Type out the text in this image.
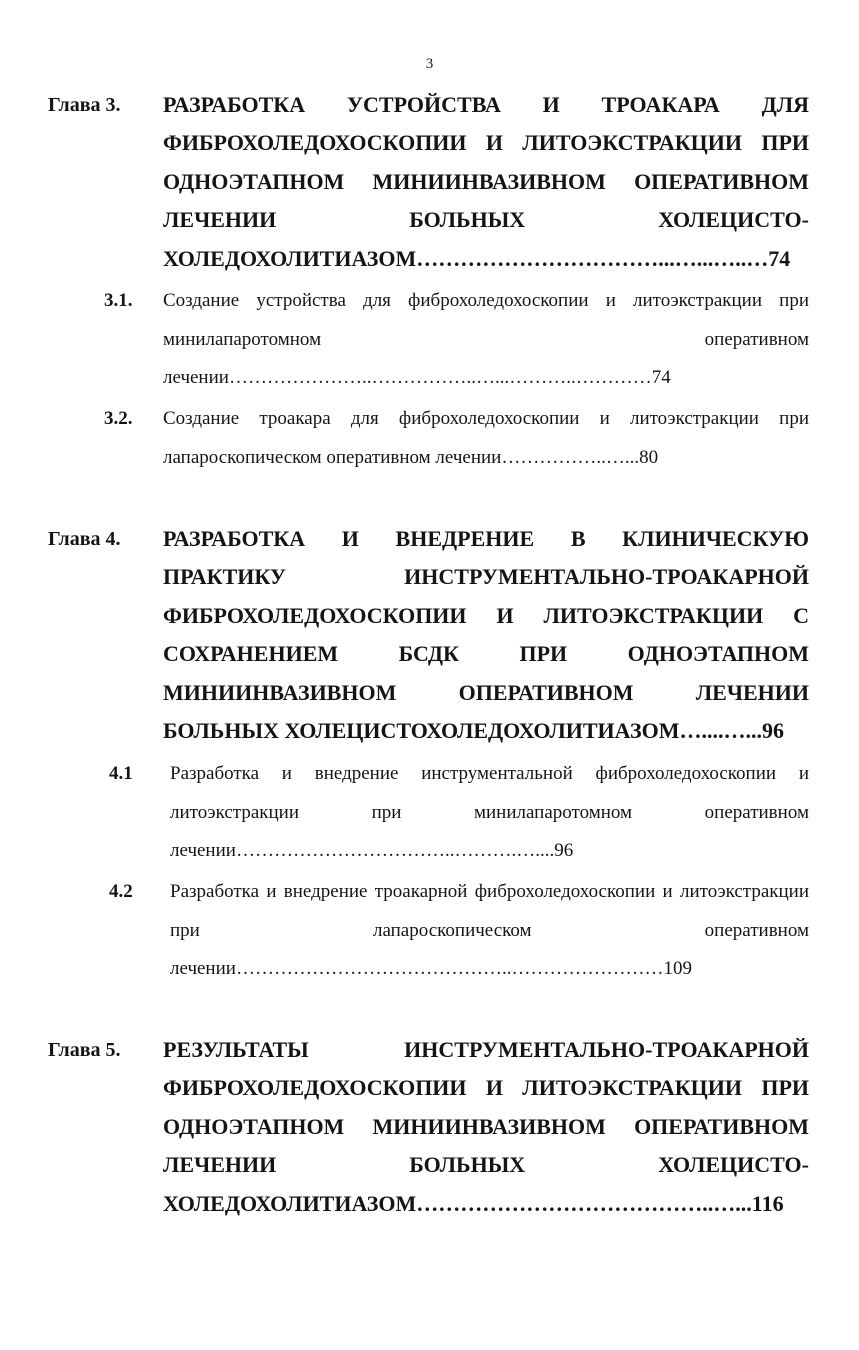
3
Глава 3. РАЗРАБОТКА УСТРОЙСТВА И ТРОАКАРА ДЛЯ ФИБРОХОЛЕДОХОСКОПИИ И ЛИТОЭКСТРАКЦИИ ПРИ ОДНОЭТАПНОМ МИНИИНВАЗИВНОМ ОПЕРАТИВНОМ ЛЕЧЕНИИ БОЛЬНЫХ ХОЛЕЦИСТО-ХОЛЕДОХОЛИТИАЗОМ……………………………...…...…..…74
3.1. Создание устройства для фиброхоледохоскопии и литоэкстракции при минилапаротомном оперативном лечении…………………..……………..…...………..…………74
3.2. Создание троакара для фиброхоледохоскопии и литоэкстракции при лапароскопическом оперативном лечении……………..…...80
Глава 4. РАЗРАБОТКА И ВНЕДРЕНИЕ В КЛИНИЧЕСКУЮ ПРАКТИКУ ИНСТРУМЕНТАЛЬНО-ТРОАКАРНОЙ ФИБРОХОЛЕДОХОСКОПИИ И ЛИТОЭКСТРАКЦИИ С СОХРАНЕНИЕМ БСДК ПРИ ОДНОЭТАПНОМ МИНИИНВАЗИВНОМ ОПЕРАТИВНОМ ЛЕЧЕНИИ БОЛЬНЫХ ХОЛЕЦИСТОХОЛЕДОХОЛИТИАЗОМ…....…...96
4.1 Разработка и внедрение инструментальной фиброхоледохоскопии и литоэкстракции при минилапаротомном оперативном лечении……………………………..……….…....96
4.2 Разработка и внедрение троакарной фиброхоледохоскопии и литоэкстракции при лапароскопическом оперативном лечении……………………………………..……………………109
Глава 5. РЕЗУЛЬТАТЫ ИНСТРУМЕНТАЛЬНО-ТРОАКАРНОЙ ФИБРОХОЛЕДОХОСКОПИИ И ЛИТОЭКСТРАКЦИИ ПРИ ОДНОЭТАПНОМ МИНИИНВАЗИВНОМ ОПЕРАТИВНОМ ЛЕЧЕНИИ БОЛЬНЫХ ХОЛЕЦИСТО-ХОЛЕДОХОЛИТИАЗОМ…………………………………..…...116
